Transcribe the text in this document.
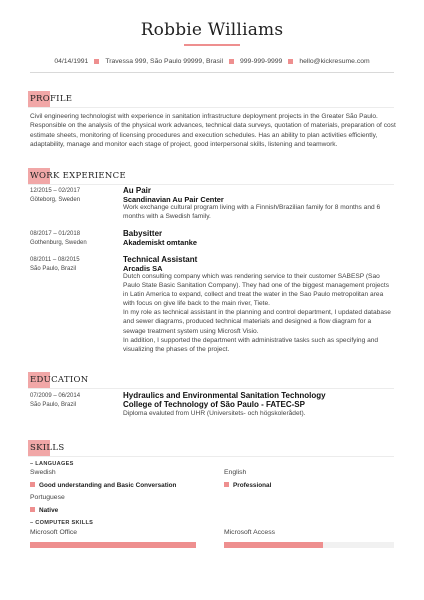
Robbie Williams
04/14/1991	Travessa 999, São Paulo 99999, Brasil	999-999-9999	hello@kickresume.com
PROFILE
Civil engineering technologist with experience in sanitation infrastructure deployment projects in the Greater São Paulo. Responsible on the analysis of the physical work advances, technical data surveys, quotation of materials, preparation of cost estimate sheets, monitoring of licensing procedures and execution schedules. Has an ability to plan activities efficiently, adaptability, manage and monitor each stage of project, good interpersonal skills, listening and teamwork.
WORK EXPERIENCE
12/2015 – 02/2017
Göteborg, Sweden
Au Pair
Scandinavian Au Pair Center
Work exchange cultural program living with a Finnish/Brazilian family for 8 months and 6 months with a Swedish family.
08/2017 – 01/2018
Gothenburg, Sweden
Babysitter
Akademiskt omtanke
08/2011 – 08/2015
São Paulo, Brazil
Technical Assistant
Arcadis SA
Dutch consulting company which was rendering service to their customer SABESP (Sao Paulo State Basic Sanitation Company). They had one of the biggest management projects in Latin America to expand, collect and treat the water in the Sao Paulo metropolitan area with focus on give life back to the main river, Tiete.
In my role as technical assistant in the planning and control department, I updated database and sewer diagrams, produced technical materials and designed a flow diagram for a sewage treatment system using Microsft Visio.
In addition, I supported the department with administrative tasks such as specifying and visualizing the phases of the project.
EDUCATION
07/2009 – 06/2014
São Paulo, Brazil
Hydraulics and Environmental Sanitation Technology
College of Technology of São Paulo - FATEC-SP
Diploma evaluted from UHR (Universitets- och högskolerådet).
SKILLS
– LANGUAGES
Swedish
Good understanding and Basic Conversation
English
Professional
Portuguese
Native
– COMPUTER SKILLS
Microsoft Office	Microsoft Access
